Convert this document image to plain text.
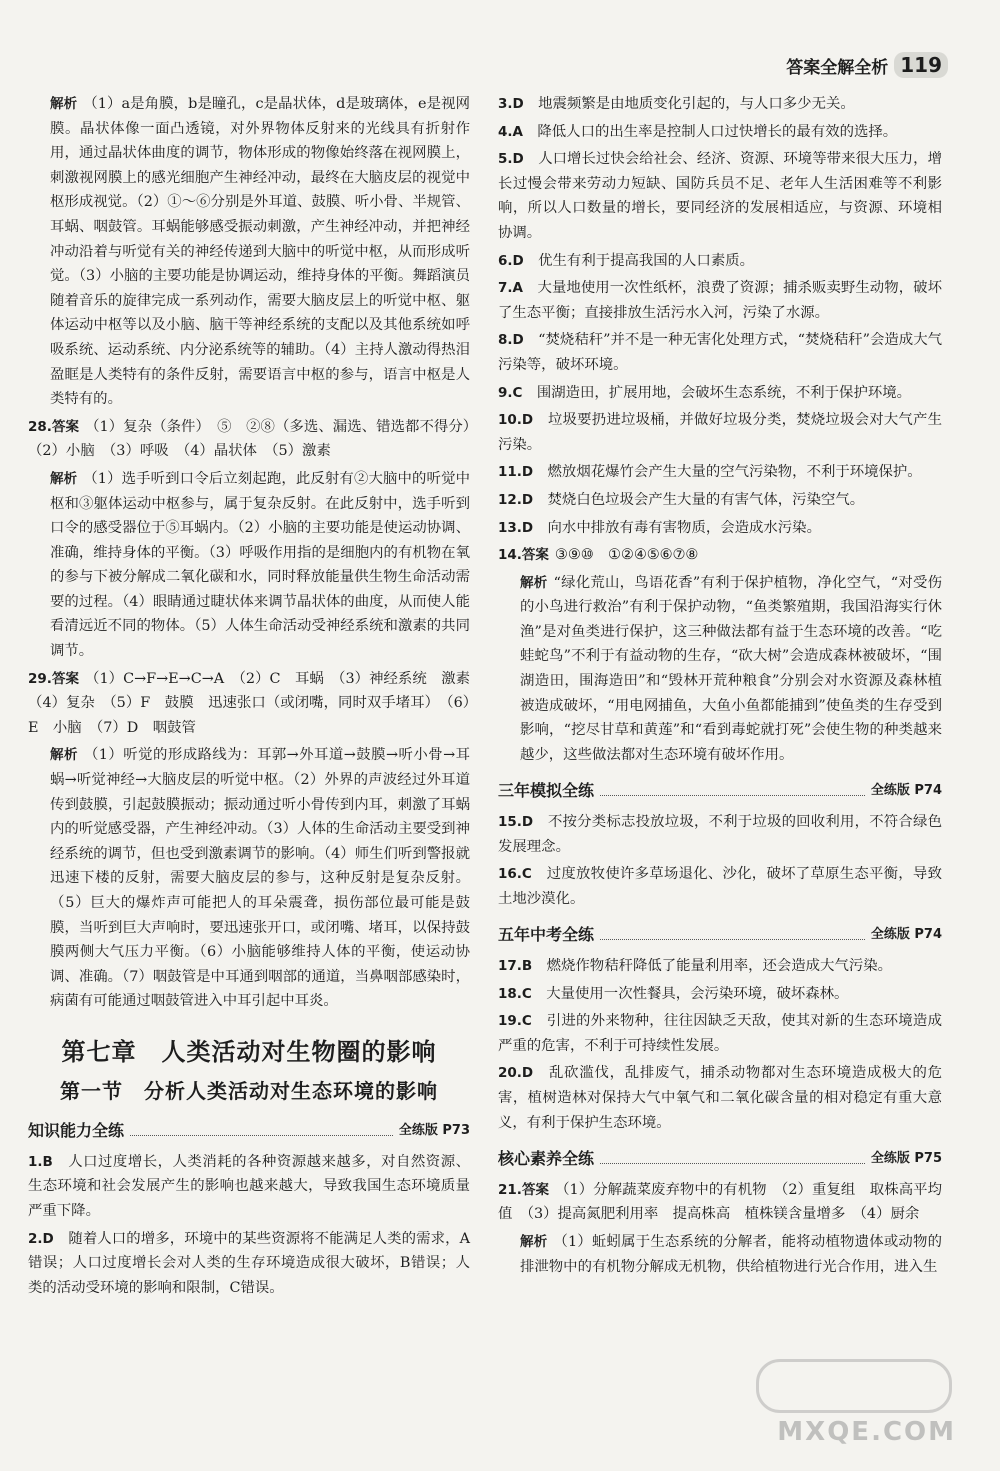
答案全解全析 119
解析 （1）a是角膜，b是瞳孔，c是晶状体，d是玻璃体，e是视网膜。晶状体像一面凸透镜，对外界物体反射来的光线具有折射作用，通过晶状体曲度的调节，物体形成的物像始终落在视网膜上，刺激视网膜上的感光细胞产生神经冲动，最终在大脑皮层的视觉中枢形成视觉。（2）①～⑥分别是外耳道、鼓膜、听小骨、半规管、耳蜗、咽鼓管。耳蜗能够感受振动刺激，产生神经冲动，并把神经冲动沿着与听觉有关的神经传递到大脑中的听觉中枢，从而形成听觉。（3）小脑的主要功能是协调运动，维持身体的平衡。舞蹈演员随着音乐的旋律完成一系列动作，需要大脑皮层上的听觉中枢、躯体运动中枢等以及小脑、脑干等神经系统的支配以及其他系统如呼吸系统、运动系统、内分泌系统等的辅助。（4）主持人激动得热泪盈眶是人类特有的条件反射，需要语言中枢的参与，语言中枢是人类特有的。
28.答案 （1）复杂（条件）　⑤　②⑧（多选、漏选、错选都不得分）（2）小脑　（3）呼吸　（4）晶状体　（5）激素
解析 （1）选手听到口令后立刻起跑，此反射有②大脑中的听觉中枢和③躯体运动中枢参与，属于复杂反射。在此反射中，选手听到口令的感受器位于⑤耳蜗内。（2）小脑的主要功能是使运动协调、准确，维持身体的平衡。（3）呼吸作用指的是细胞内的有机物在氧的参与下被分解成二氧化碳和水，同时释放能量供生物生命活动需要的过程。（4）眼睛通过睫状体来调节晶状体的曲度，从而使人能看清远近不同的物体。（5）人体生命活动受神经系统和激素的共同调节。
29.答案 （1）C→F→E→C→A　（2）C　耳蜗　（3）神经系统　激素　（4）复杂　（5）F　鼓膜　迅速张口（或闭嘴，同时双手堵耳）　（6）E　小脑　（7）D　咽鼓管
解析 （1）听觉的形成路线为：耳郭→外耳道→鼓膜→听小骨→耳蜗→听觉神经→大脑皮层的听觉中枢。（2）外界的声波经过外耳道传到鼓膜，引起鼓膜振动；振动通过听小骨传到内耳，刺激了耳蜗内的听觉感受器，产生神经冲动。（3）人体的生命活动主要受到神经系统的调节，但也受到激素调节的影响。（4）师生们听到警报就迅速下楼的反射，需要大脑皮层的参与，这种反射是复杂反射。（5）巨大的爆炸声可能把人的耳朵震聋，损伤部位最可能是鼓膜，当听到巨大声响时，要迅速张开口，或闭嘴、堵耳，以保持鼓膜两侧大气压力平衡。（6）小脑能够维持人体的平衡，使运动协调、准确。（7）咽鼓管是中耳通到咽部的通道，当鼻咽部感染时，病菌有可能通过咽鼓管进入中耳引起中耳炎。
第七章　人类活动对生物圈的影响
第一节　分析人类活动对生态环境的影响
知识能力全练	全练版 P73
1.B　 人口过度增长，人类消耗的各种资源越来越多，对自然资源、生态环境和社会发展产生的影响也越来越大，导致我国生态环境质量严重下降。
2.D　 随着人口的增多，环境中的某些资源将不能满足人类的需求，A错误；人口过度增长会对人类的生存环境造成很大破坏，B错误；人类的活动受环境的影响和限制，C错误。
3.D　 地震频繁是由地质变化引起的，与人口多少无关。
4.A　 降低人口的出生率是控制人口过快增长的最有效的选择。
5.D　 人口增长过快会给社会、经济、资源、环境等带来很大压力，增长过慢会带来劳动力短缺、国防兵员不足、老年人生活困难等不利影响，所以人口数量的增长，要同经济的发展相适应，与资源、环境相协调。
6.D　 优生有利于提高我国的人口素质。
7.A　 大量地使用一次性纸杯，浪费了资源；捕杀贩卖野生动物，破坏了生态平衡；直接排放生活污水入河，污染了水源。
8.D　 “焚烧秸秆”并不是一种无害化处理方式，“焚烧秸秆”会造成大气污染等，破坏环境。
9.C　 围湖造田，扩展用地，会破坏生态系统，不利于保护环境。
10.D　 垃圾要扔进垃圾桶，并做好垃圾分类，焚烧垃圾会对大气产生污染。
11.D　 燃放烟花爆竹会产生大量的空气污染物，不利于环境保护。
12.D　 焚烧白色垃圾会产生大量的有害气体，污染空气。
13.D　 向水中排放有毒有害物质，会造成水污染。
14.答案 ③⑨⑩　①②④⑤⑥⑦⑧
解析 “绿化荒山，鸟语花香”有利于保护植物，净化空气，“对受伤的小鸟进行救治”有利于保护动物，“鱼类繁殖期，我国沿海实行休渔”是对鱼类进行保护，这三种做法都有益于生态环境的改善。“吃蛙蛇鸟”不利于有益动物的生存，“砍大树”会造成森林被破坏，“围湖造田，围海造田”和“毁林开荒种粮食”分别会对水资源及森林植被造成破坏，“用电网捕鱼，大鱼小鱼都能捕到”使鱼类的生存受到影响，“挖尽甘草和黄莲”和“看到毒蛇就打死”会使生物的种类越来越少，这些做法都对生态环境有破坏作用。
三年模拟全练	全练版 P74
15.D　 不按分类标志投放垃圾，不利于垃圾的回收利用，不符合绿色发展理念。
16.C　 过度放牧使许多草场退化、沙化，破坏了草原生态平衡，导致土地沙漠化。
五年中考全练	全练版 P74
17.B　 燃烧作物秸秆降低了能量利用率，还会造成大气污染。
18.C　 大量使用一次性餐具，会污染环境，破坏森林。
19.C　 引进的外来物种，往往因缺乏天敌，使其对新的生态环境造成严重的危害，不利于可持续性发展。
20.D　 乱砍滥伐，乱排废气，捕杀动物都对生态环境造成极大的危害，植树造林对保持大气中氧气和二氧化碳含量的相对稳定有重大意义，有利于保护生态环境。
核心素养全练	全练版 P75
21.答案 （1）分解蔬菜废弃物中的有机物　（2）重复组　取株高平均值　（3）提高氮肥利用率　提高株高　植株镁含量增多　（4）厨余
解析 （1）蚯蚓属于生态系统的分解者，能将动植物遗体或动物的排泄物中的有机物分解成无机物，供给植物进行光合作用，进入生
MXQE.COM
